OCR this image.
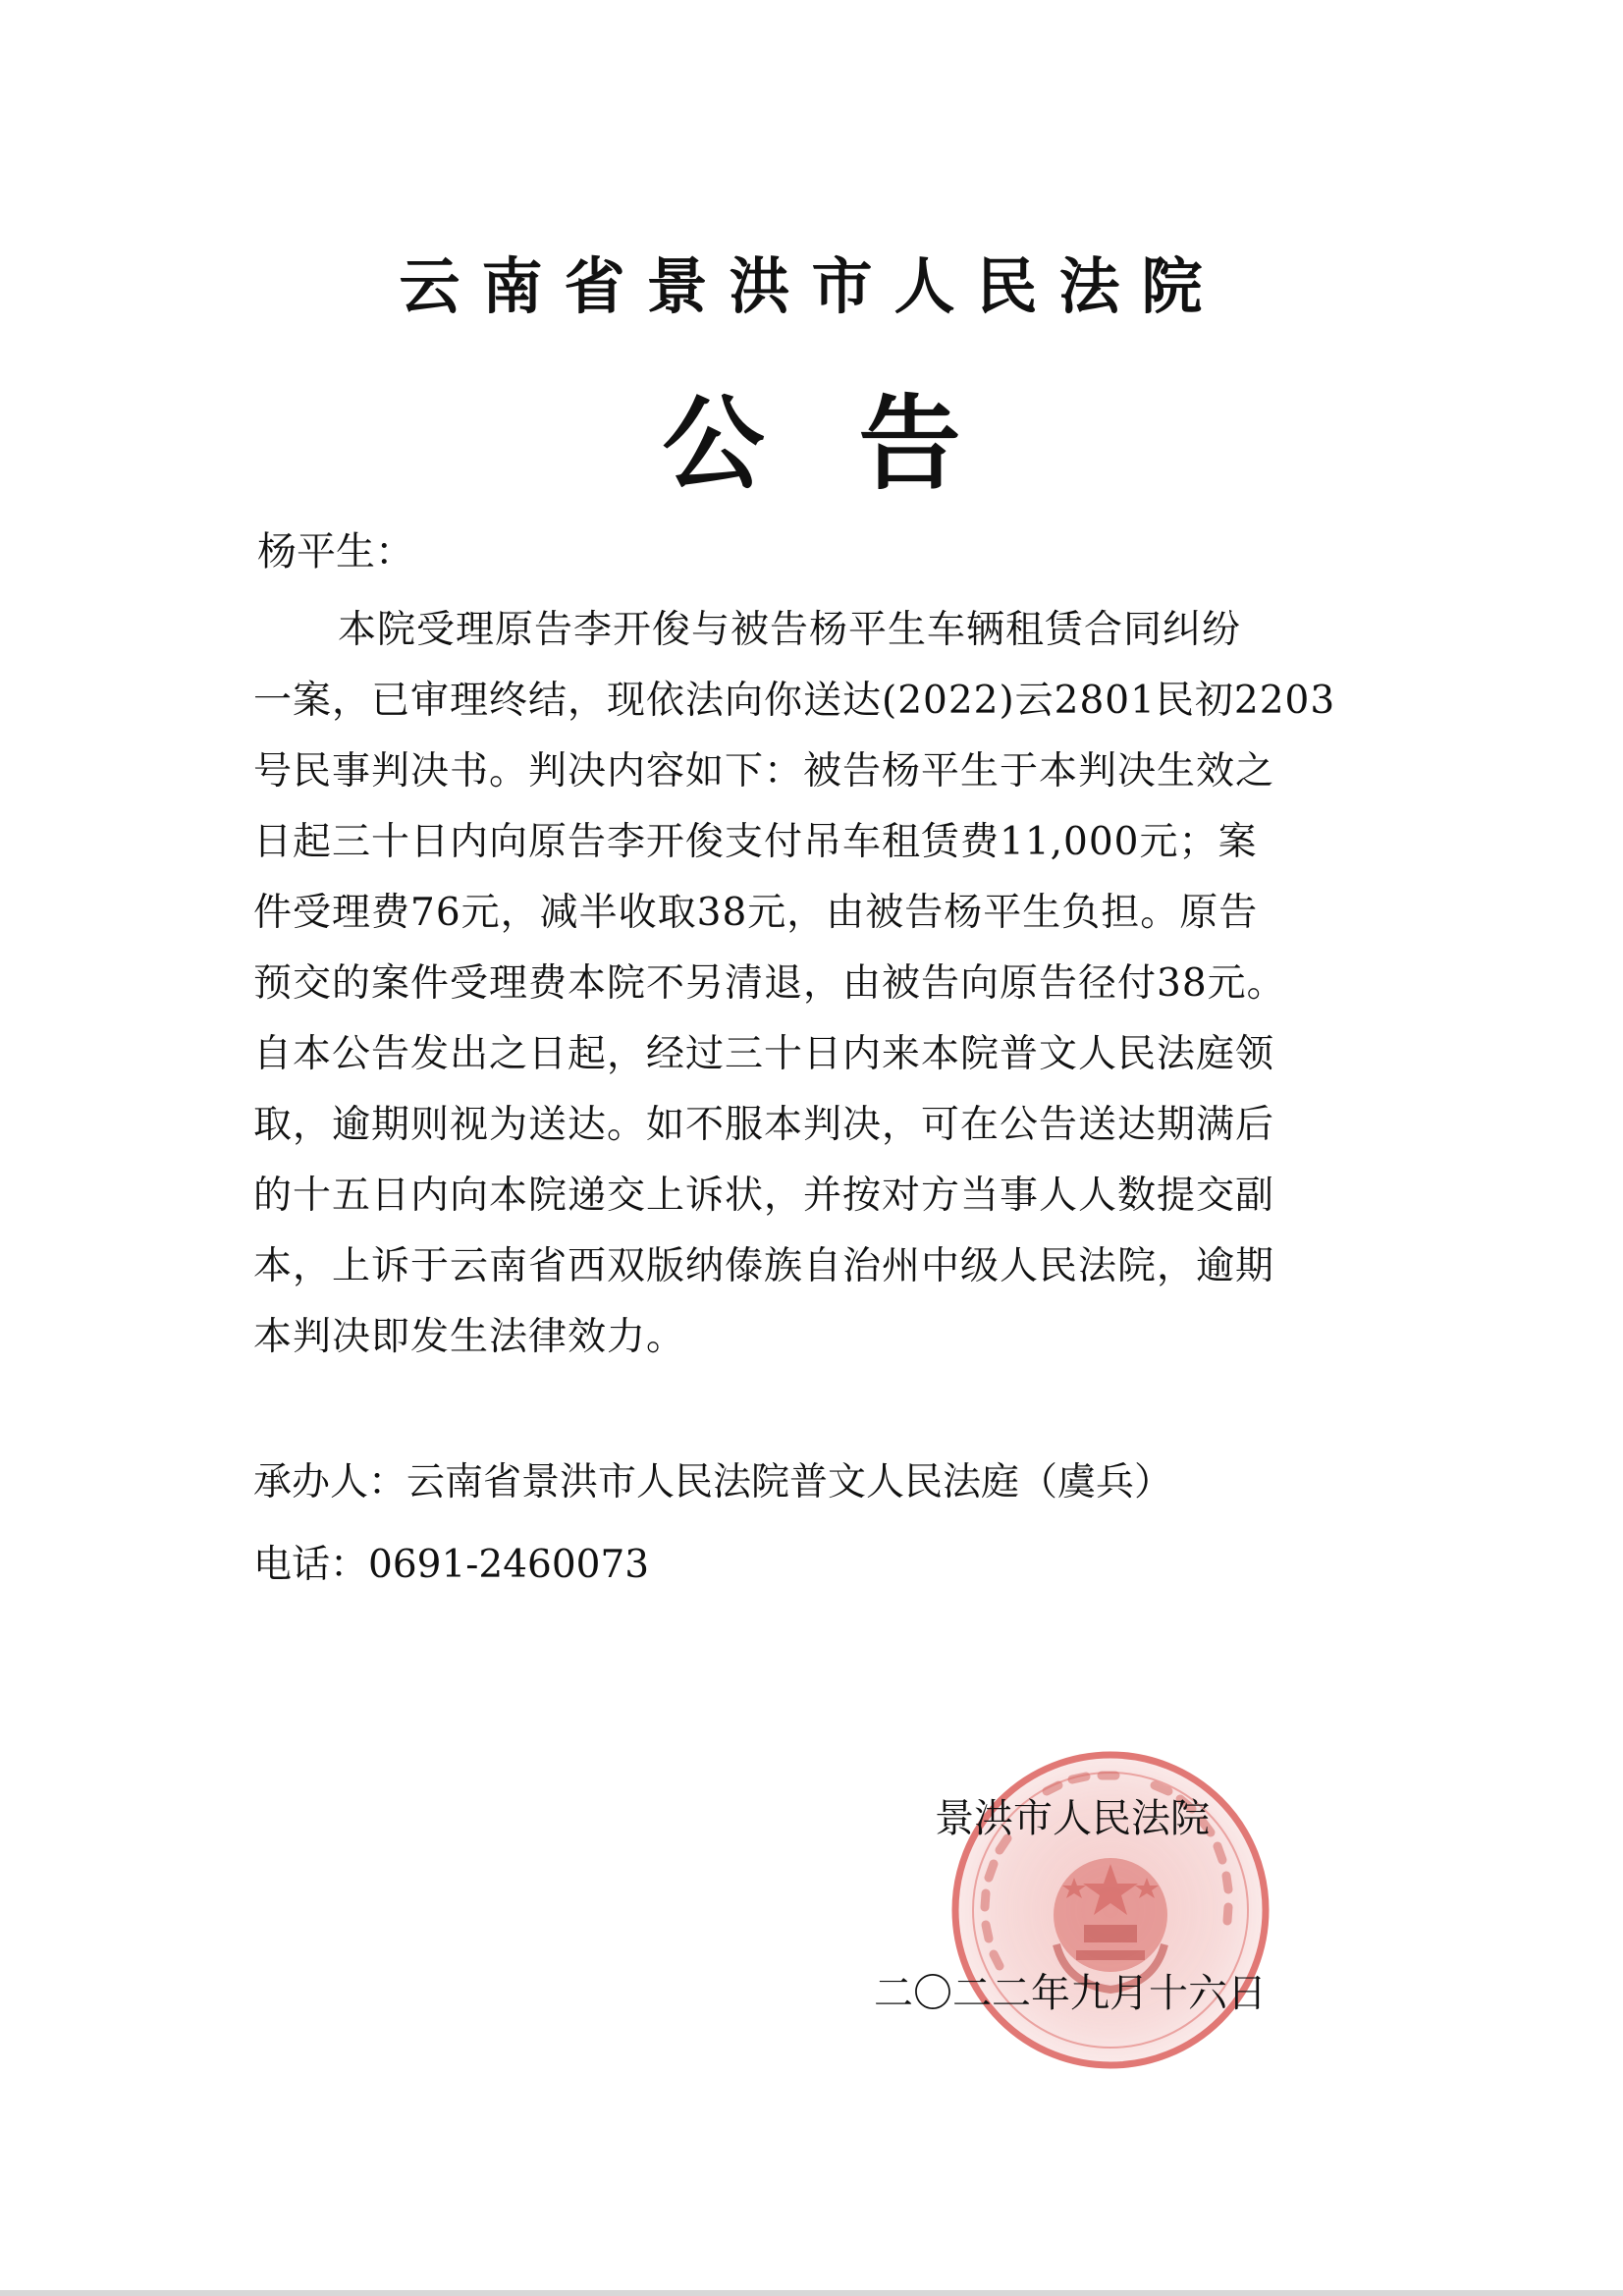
云南省景洪市人民法院
公告
杨平生：
本院受理原告李开俊与被告杨平生车辆租赁合同纠纷
一案，已审理终结，现依法向你送达(2022)云2801民初2203
号民事判决书。判决内容如下：被告杨平生于本判决生效之
日起三十日内向原告李开俊支付吊车租赁费11,000元；案
件受理费76元，减半收取38元，由被告杨平生负担。原告
预交的案件受理费本院不另清退，由被告向原告径付38元。
自本公告发出之日起，经过三十日内来本院普文人民法庭领
取，逾期则视为送达。如不服本判决，可在公告送达期满后
的十五日内向本院递交上诉状，并按对方当事人人数提交副
本，上诉于云南省西双版纳傣族自治州中级人民法院，逾期
本判决即发生法律效力。
承办人：云南省景洪市人民法院普文人民法庭（虞兵）
电话：0691-2460073
景洪市人民法院
二〇二二年九月十六日
